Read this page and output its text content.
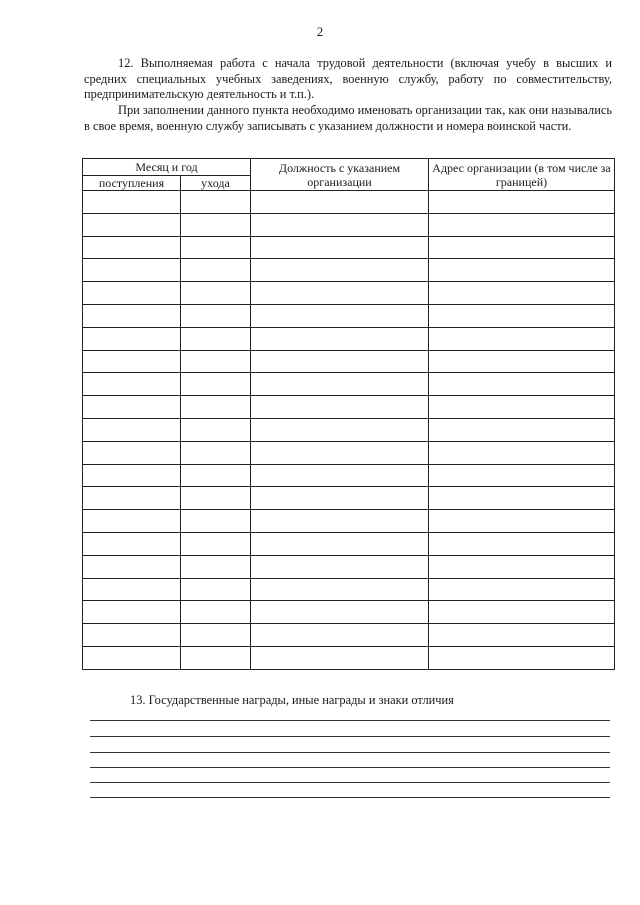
2
12. Выполняемая работа с начала трудовой деятельности (включая учебу в высших и средних специальных учебных заведениях, военную службу, работу по совместительству, предпринимательскую деятельность и т.п.).
При заполнении данного пункта необходимо именовать организации так, как они назывались в свое время, военную службу записывать с указанием должности и номера воинской части.
Месяц и год		Должность с указанием организации	Адрес организации (в том числе за границей)
поступления	ухода		

13. Государственные награды, иные награды и знаки отличия
